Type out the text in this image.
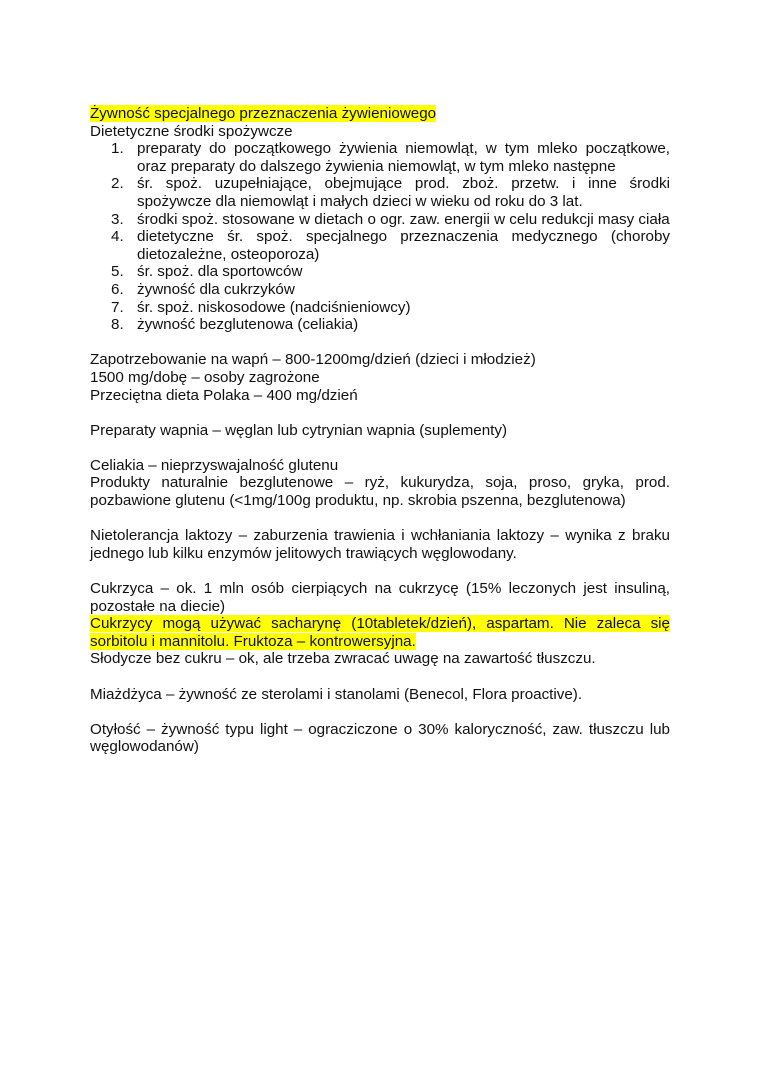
Żywność specjalnego przeznaczenia żywieniowego
Dietetyczne środki spożywcze
1. preparaty do początkowego żywienia niemowląt, w tym mleko początkowe, oraz preparaty do dalszego żywienia niemowląt, w tym mleko następne
2. śr. spoż. uzupełniające, obejmujące prod. zboż. przetw. i inne środki spożywcze dla niemowląt i małych dzieci w wieku od roku do 3 lat.
3. środki spoż. stosowane w dietach o ogr. zaw. energii w celu redukcji masy ciała
4. dietetyczne śr. spoż. specjalnego przeznaczenia medycznego (choroby dietozależne, osteoporoza)
5. śr. spoż. dla sportowców
6. żywność dla cukrzyków
7. śr. spoż. niskosodowe (nadciśnieniowcy)
8. żywność bezglutenowa (celiakia)
Zapotrzebowanie na wapń – 800-1200mg/dzień (dzieci i młodzież)
1500 mg/dobę – osoby zagrożone
Przeciętna dieta Polaka – 400 mg/dzień
Preparaty wapnia – węglan lub cytrynian wapnia (suplementy)
Celiakia – nieprzyswajalność glutenu
Produkty naturalnie bezglutenowe – ryż, kukurydza, soja, proso, gryka, prod. pozbawione glutenu (<1mg/100g produktu, np. skrobia pszenna, bezglutenowa)
Nietolerancja laktozy – zaburzenia trawienia i wchłaniania laktozy – wynika z braku jednego lub kilku enzymów jelitowych trawiących węglowodany.
Cukrzyca – ok. 1 mln osób cierpiących na cukrzycę (15% leczonych jest insuliną, pozostałe na diecie)
Cukrzycy mogą używać sacharynę (10tabletek/dzień), aspartam. Nie zaleca się sorbitolu i mannitolu. Fruktoza – kontrowersyjna.
Słodycze bez cukru – ok, ale trzeba zwracać uwagę na zawartość tłuszczu.
Miażdżyca – żywność ze sterolami i stanolami (Benecol, Flora proactive).
Otyłość – żywność typu light – ogracziczone o 30% kaloryczność, zaw. tłuszczu lub węglowodanów)
